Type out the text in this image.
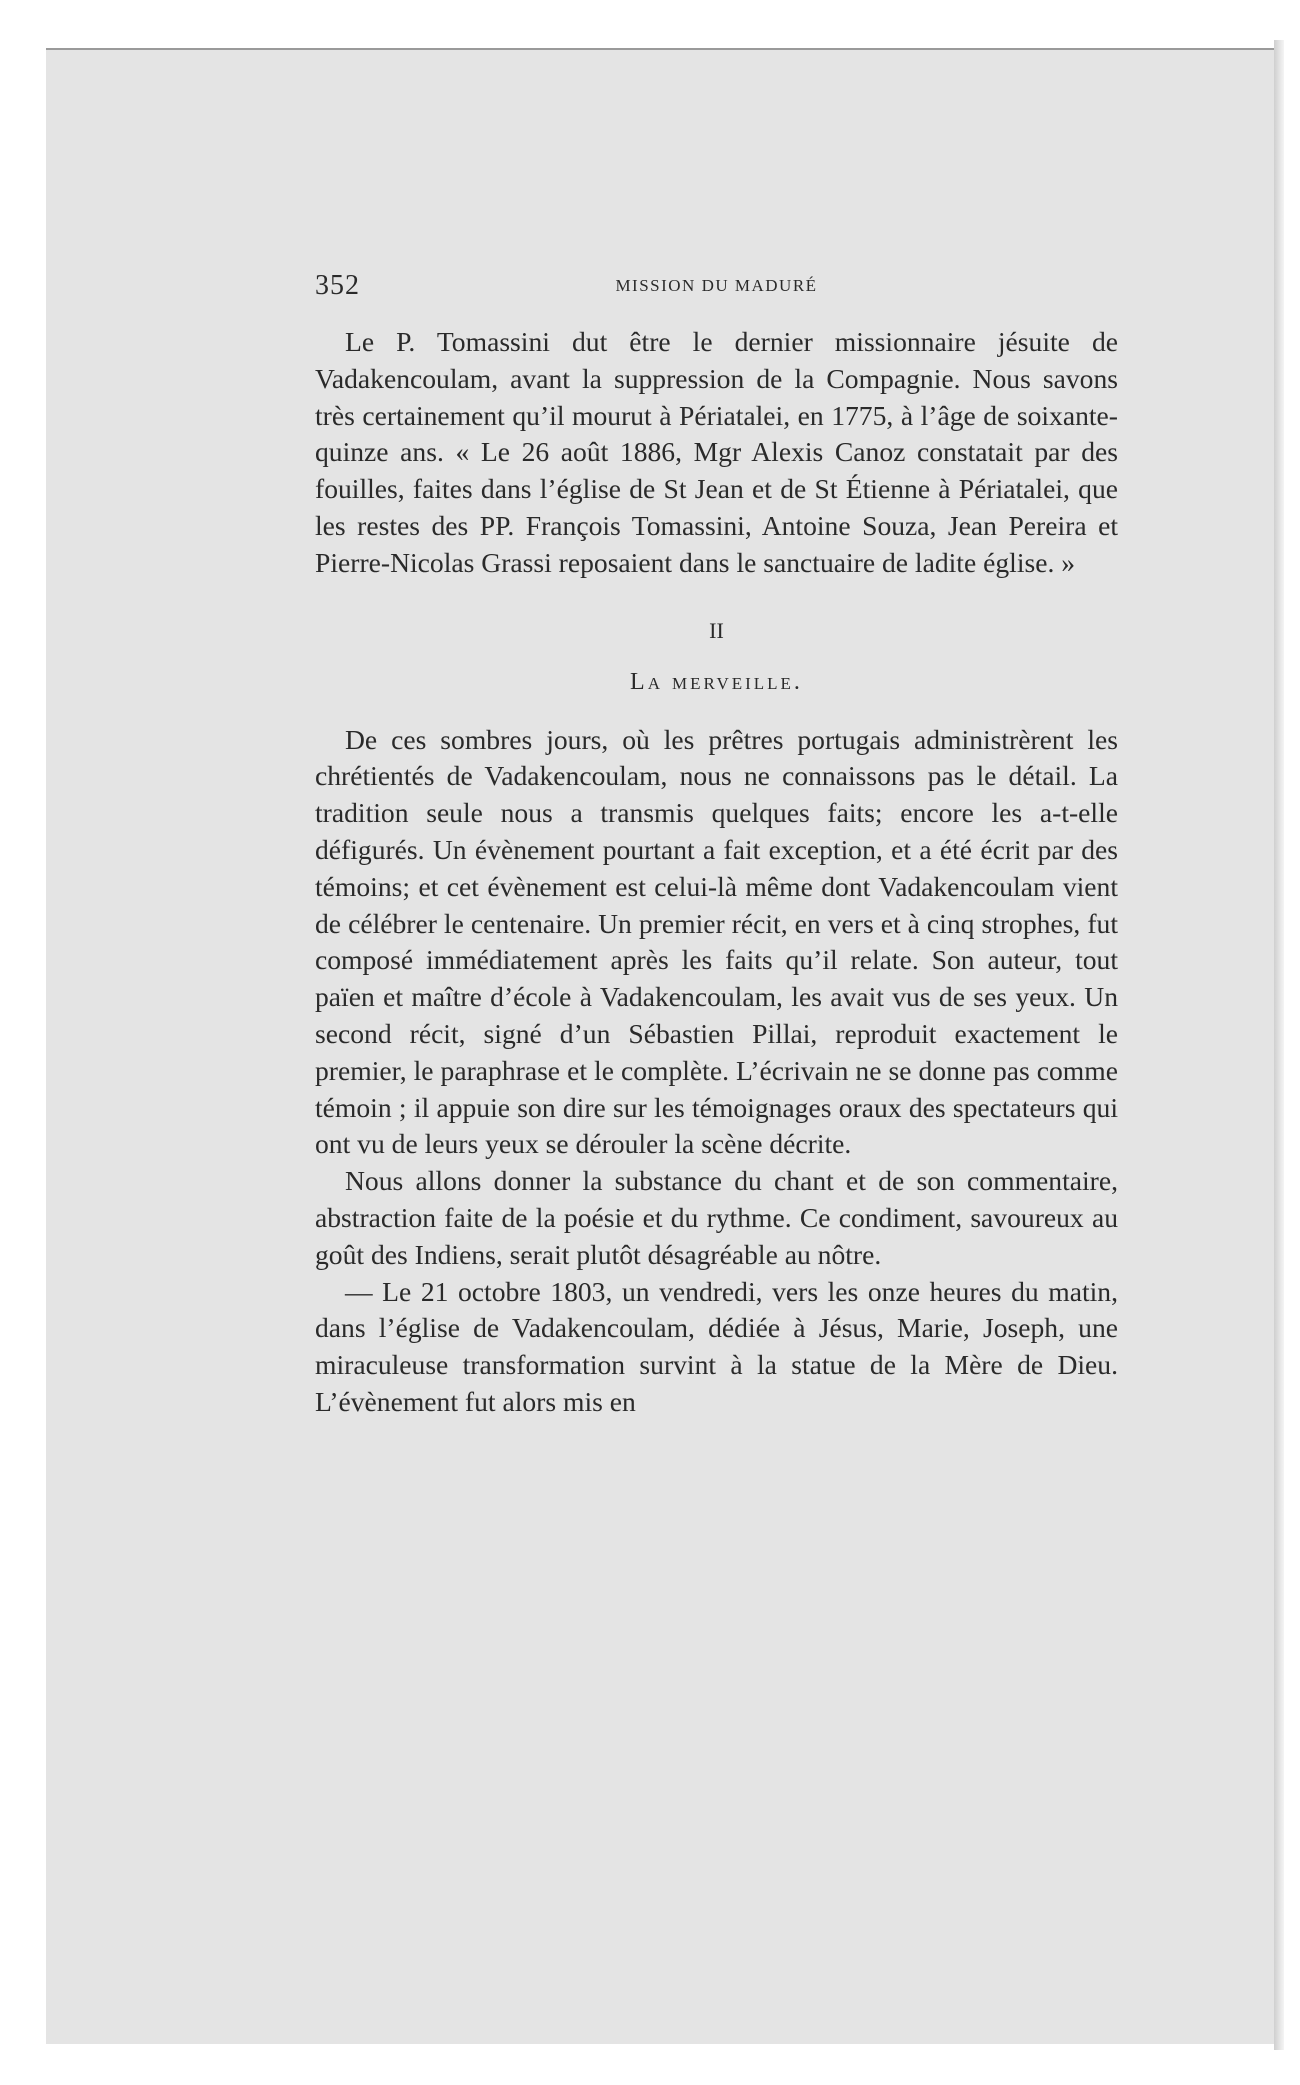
352	MISSION DU MADURÉ

Le P. Tomassini dut être le dernier missionnaire jésuite de Vadakencoulam, avant la suppression de la Compagnie. Nous savons très certainement qu’il mourut à Périatalei, en 1775, à l’âge de soixante-quinze ans. « Le 26 août 1886, Mgr Alexis Canoz constatait par des fouilles, faites dans l’église de St Jean et de St Étienne à Périatalei, que les restes des PP. François Tomassini, Antoine Souza, Jean Pereira et Pierre-Nicolas Grassi reposaient dans le sanctuaire de ladite église. »

II
La merveille.

De ces sombres jours, où les prêtres portugais administrèrent les chrétientés de Vadakencoulam, nous ne connaissons pas le détail. La tradition seule nous a transmis quelques faits; encore les a-t-elle défigurés. Un évènement pourtant a fait exception, et a été écrit par des témoins; et cet évènement est celui-là même dont Vadakencoulam vient de célébrer le centenaire. Un premier récit, en vers et à cinq strophes, fut composé immédiatement après les faits qu’il relate. Son auteur, tout païen et maître d’école à Vadakencoulam, les avait vus de ses yeux. Un second récit, signé d’un Sébastien Pillai, reproduit exactement le premier, le paraphrase et le complète. L’écrivain ne se donne pas comme témoin ; il appuie son dire sur les témoignages oraux des spectateurs qui ont vu de leurs yeux se dérouler la scène décrite.

Nous allons donner la substance du chant et de son commentaire, abstraction faite de la poésie et du rythme. Ce condiment, savoureux au goût des Indiens, serait plutôt désagréable au nôtre.

— Le 21 octobre 1803, un vendredi, vers les onze heures du matin, dans l’église de Vadakencoulam, dédiée à Jésus, Marie, Joseph, une miraculeuse transformation survint à la statue de la Mère de Dieu. L’évènement fut alors mis en
